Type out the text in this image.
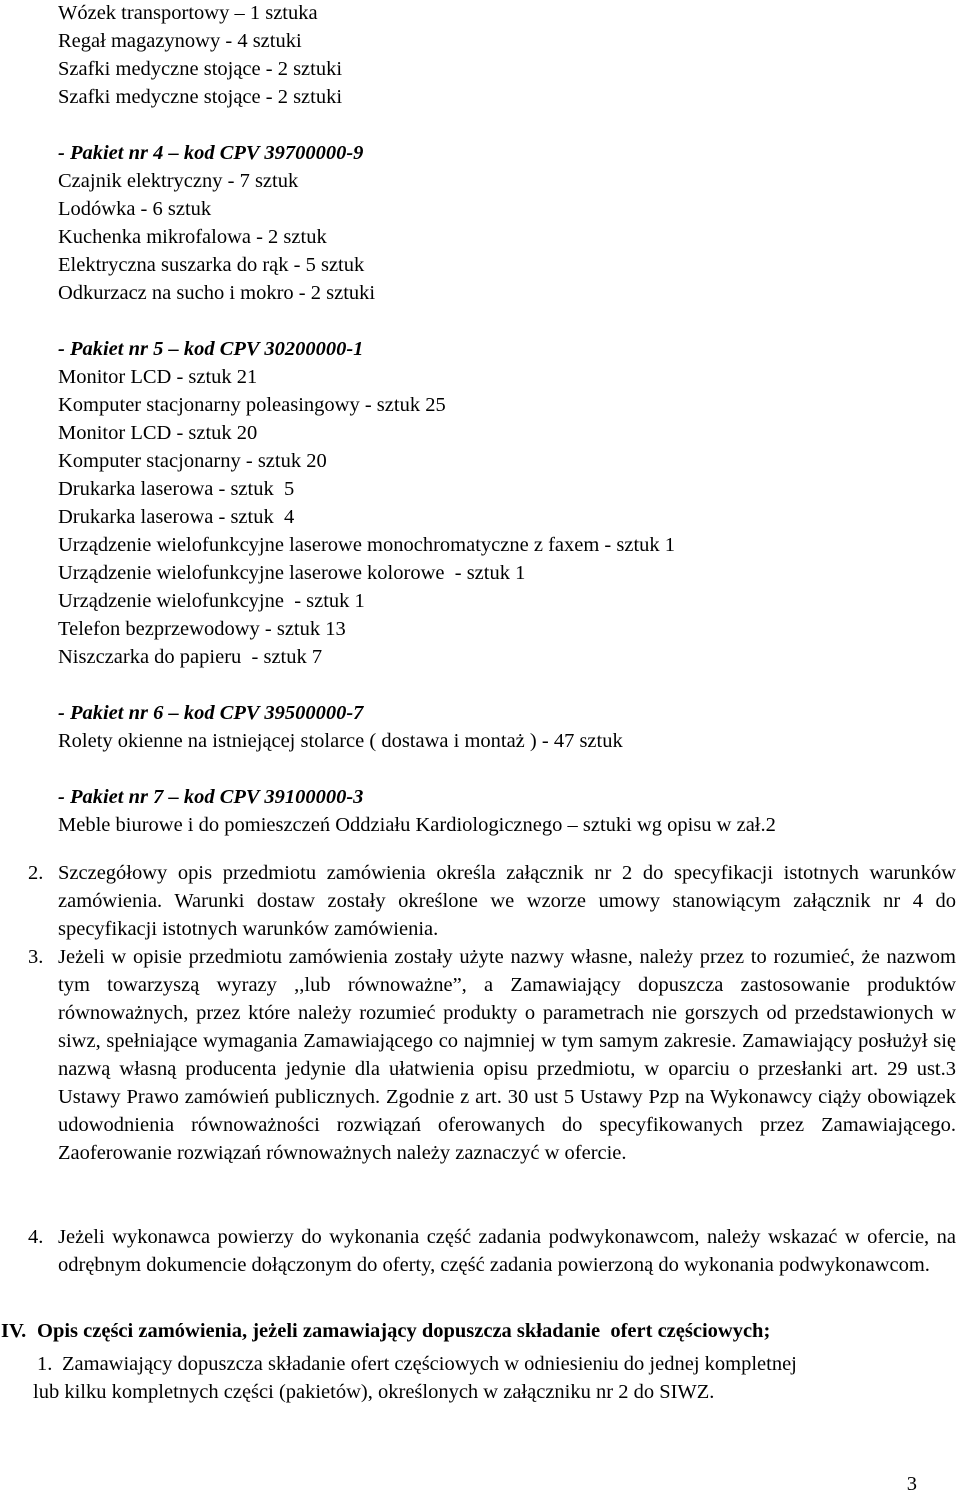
Wózek transportowy – 1 sztuka
Regał magazynowy - 4 sztuki
Szafki medyczne stojące - 2 sztuki
Szafki medyczne stojące - 2 sztuki
- Pakiet nr 4 – kod CPV 39700000-9
Czajnik elektryczny - 7 sztuk
Lodówka - 6 sztuk
Kuchenka mikrofalowa - 2 sztuk
Elektryczna suszarka do rąk - 5 sztuk
Odkurzacz na sucho i mokro - 2 sztuki
- Pakiet nr 5 – kod CPV 30200000-1
Monitor LCD - sztuk 21
Komputer stacjonarny poleasingowy - sztuk 25
Monitor LCD - sztuk 20
Komputer stacjonarny - sztuk 20
Drukarka laserowa - sztuk  5
Drukarka laserowa - sztuk  4
Urządzenie wielofunkcyjne laserowe monochromatyczne z faxem - sztuk 1
Urządzenie wielofunkcyjne laserowe kolorowe  - sztuk 1
Urządzenie wielofunkcyjne  - sztuk 1
Telefon bezprzewodowy - sztuk 13
Niszczarka do papieru  - sztuk 7
- Pakiet nr 6 – kod CPV 39500000-7
Rolety okienne na istniejącej stolarce ( dostawa i montaż ) - 47 sztuk
- Pakiet nr 7 – kod CPV 39100000-3
Meble biurowe i do pomieszczeń Oddziału Kardiologicznego – sztuki wg opisu w zał.2
2. Szczegółowy opis przedmiotu zamówienia określa załącznik nr 2 do specyfikacji istotnych warunków zamówienia. Warunki dostaw zostały określone we wzorze umowy stanowiącym załącznik nr 4 do specyfikacji istotnych warunków zamówienia.
3. Jeżeli w opisie przedmiotu zamówienia zostały użyte nazwy własne, należy przez to rozumieć, że nazwom tym towarzyszą wyrazy ,,lub równoważne”, a Zamawiający dopuszcza zastosowanie produktów równoważnych, przez które należy rozumieć produkty o parametrach nie gorszych od przedstawionych w siwz, spełniające wymagania Zamawiającego co najmniej w tym samym zakresie. Zamawiający posłużył się nazwą własną producenta jedynie dla ułatwienia opisu przedmiotu, w oparciu o przesłanki art. 29 ust.3 Ustawy Prawo zamówień publicznych. Zgodnie z art. 30 ust 5 Ustawy Pzp na Wykonawcy ciąży obowiązek udowodnienia równoważności rozwiązań oferowanych do specyfikowanych przez Zamawiającego. Zaoferowanie rozwiązań równoważnych należy zaznaczyć w ofercie.
4. Jeżeli wykonawca powierzy do wykonania część zadania podwykonawcom, należy wskazać w ofercie, na odrębnym dokumencie dołączonym do oferty, część zadania powierzoną do wykonania podwykonawcom.
IV. Opis części zamówienia, jeżeli zamawiający dopuszcza składanie  ofert częściowych;
1. Zamawiający dopuszcza składanie ofert częściowych w odniesieniu do jednej kompletnej
lub kilku kompletnych części (pakietów), określonych w załączniku nr 2 do SIWZ.
3
